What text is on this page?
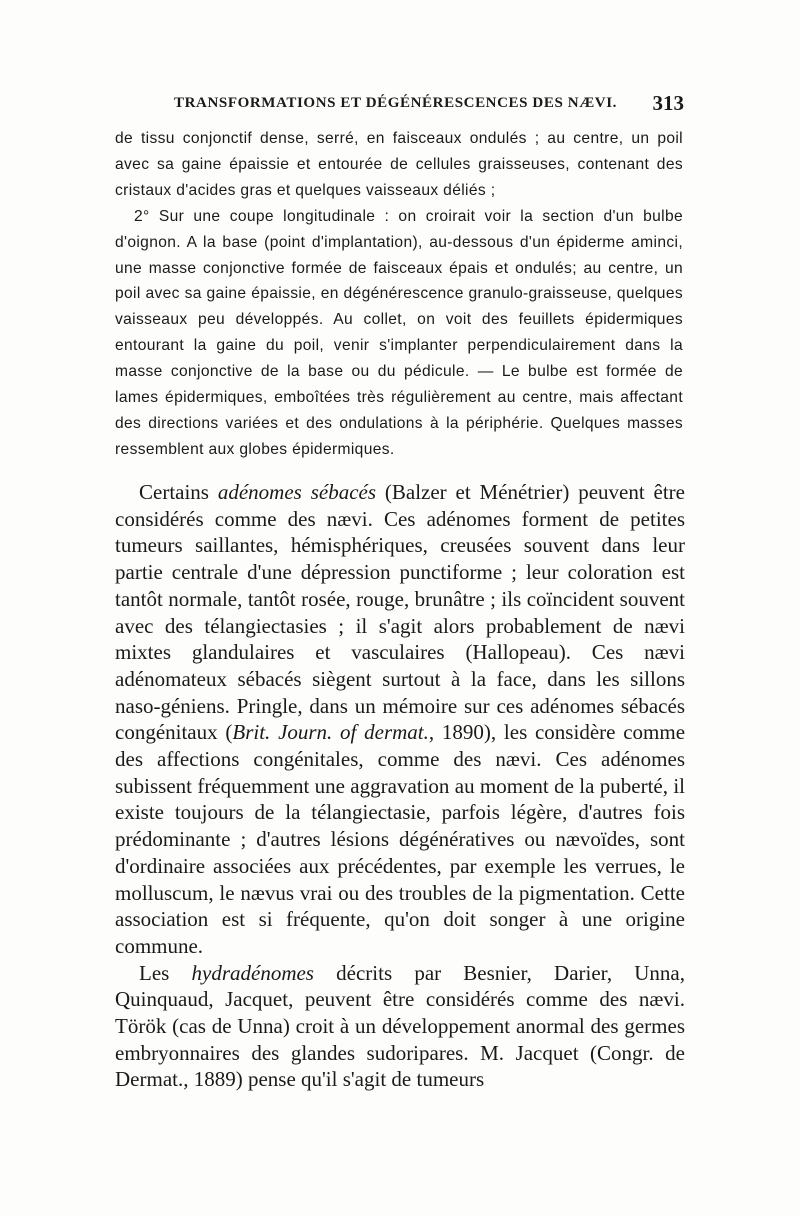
TRANSFORMATIONS ET DÉGÉNÉRESCENCES DES NÆVI. 313

de tissu conjonctif dense, serré, en faisceaux ondulés ; au centre, un poil avec sa gaine épaissie et entourée de cellules graisseuses, contenant des cristaux d'acides gras et quelques vaisseaux déliés ;

2° Sur une coupe longitudinale : on croirait voir la section d'un bulbe d'oignon. A la base (point d'implantation), au-dessous d'un épiderme aminci, une masse conjonctive formée de faisceaux épais et ondulés; au centre, un poil avec sa gaine épaissie, en dégénérescence granulo-graisseuse, quelques vaisseaux peu développés. Au collet, on voit des feuillets épidermiques entourant la gaine du poil, venir s'implanter perpendiculairement dans la masse conjonctive de la base ou du pédicule. — Le bulbe est formée de lames épidermiques, emboîtées très régulièrement au centre, mais affectant des directions variées et des ondulations à la périphérie. Quelques masses ressemblent aux globes épidermiques.

Certains adénomes sébacés (Balzer et Ménétrier) peuvent être considérés comme des nævi. Ces adénomes forment de petites tumeurs saillantes, hémisphériques, creusées souvent dans leur partie centrale d'une dépression punctiforme ; leur coloration est tantôt normale, tantôt rosée, rouge, brunâtre ; ils coïncident souvent avec des télangiectasies ; il s'agit alors probablement de nævi mixtes glandulaires et vasculaires (Hallopeau). Ces nævi adénomateux sébacés siègent surtout à la face, dans les sillons naso-géniens. Pringle, dans un mémoire sur ces adénomes sébacés congénitaux (Brit. Journ. of dermat., 1890), les considère comme des affections congénitales, comme des nævi. Ces adénomes subissent fréquemment une aggravation au moment de la puberté, il existe toujours de la télangiectasie, parfois légère, d'autres fois prédominante ; d'autres lésions dégénératives ou nævoïdes, sont d'ordinaire associées aux précédentes, par exemple les verrues, le molluscum, le nævus vrai ou des troubles de la pigmentation. Cette association est si fréquente, qu'on doit songer à une origine commune.

Les hydradénomes décrits par Besnier, Darier, Unna, Quinquaud, Jacquet, peuvent être considérés comme des nævi. Török (cas de Unna) croit à un développement anormal des germes embryonnaires des glandes sudoripares. M. Jacquet (Congr. de Dermat., 1889) pense qu'il s'agit de tumeurs
